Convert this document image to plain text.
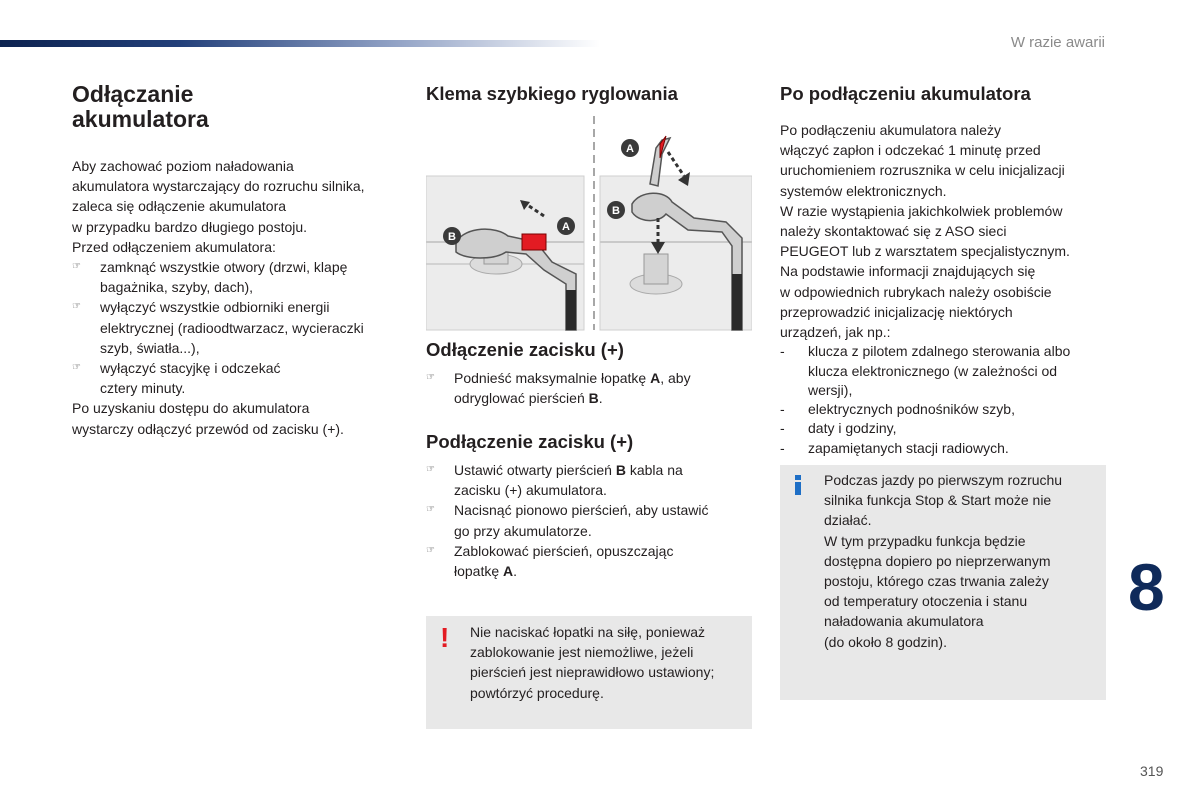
W razie awarii
Odłączanie
akumulatora

Aby zachować poziom naładowania
akumulatora wystarczający do rozruchu silnika,
zaleca się odłączenie akumulatora
w przypadku bardzo długiego postoju.
Przed odłączeniem akumulatora:

☞	zamknąć wszystkie otwory (drzwi, klapę
bagażnika, szyby, dach),
☞	wyłączyć wszystkie odbiorniki energii
elektrycznej (radioodtwarzacz, wycieraczki
szyb, światła...),
☞	wyłączyć stacyjkę i odczekać
cztery minuty.

Po uzyskaniu dostępu do akumulatora
wystarczy odłączyć przewód od zacisku (+).

Klema szybkiego ryglowania
A
B
A
B
Odłączenie zacisku (+)
☞	Podnieść maksymalnie łopatkę A, aby
odryglować pierścień B.
Podłączenie zacisku (+)
☞	Ustawić otwarty pierścień B kabla na
zacisku (+) akumulatora.
☞	Nacisnąć pionowo pierścień, aby ustawić
go przy akumulatorze.
☞	Zablokować pierścień, opuszczając
łopatkę A.
! Nie naciskać łopatki na siłę, ponieważ
zablokowanie jest niemożliwe, jeżeli
pierścień jest nieprawidłowo ustawiony;
powtórzyć procedurę.
Po podłączeniu akumulatora

Po podłączeniu akumulatora należy
włączyć zapłon i odczekać 1 minutę przed
uruchomieniem rozrusznika w celu inicjalizacji
systemów elektronicznych.

W razie wystąpienia jakichkolwiek problemów
należy skontaktować się z ASO sieci
PEUGEOT lub z warsztatem specjalistycznym.
Na podstawie informacji znajdujących się
w odpowiednich rubrykach należy osobiście
przeprowadzić inicjalizację niektórych
urządzeń, jak np.:

- klucza z pilotem zdalnego sterowania albo
klucza elektronicznego (w zależności od
wersji),
- elektrycznych podnośników szyb,
- daty i godziny,
- zapamiętanych stacji radiowych.
Podczas jazdy po pierwszym rozruchu
silnika funkcja Stop & Start może nie
działać.
W tym przypadku funkcja będzie
dostępna dopiero po nieprzerwanym
postoju, którego czas trwania zależy
od temperatury otoczenia i stanu
naładowania akumulatora
(do około 8 godzin).
8
319
